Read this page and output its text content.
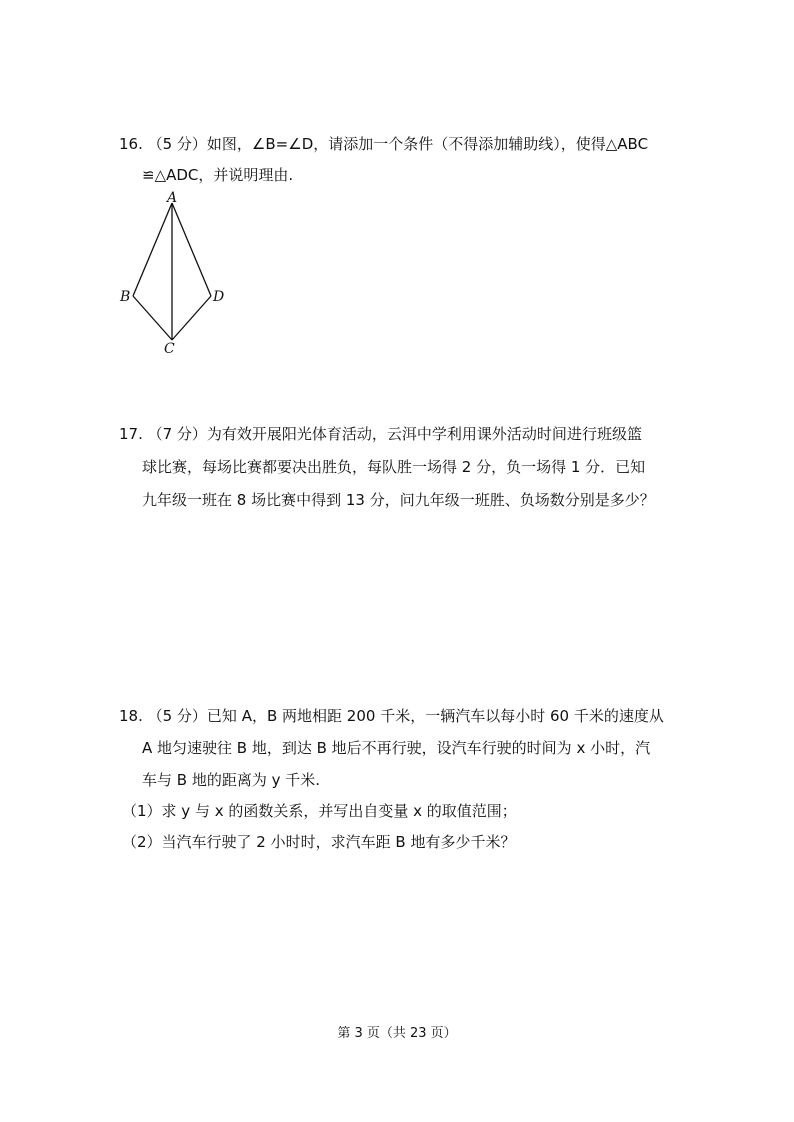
16. （5 分）如图，∠B=∠D，请添加一个条件（不得添加辅助线），使得△ABC
≌△ADC，并说明理由.
A
B
C
D
17. （7 分）为有效开展阳光体育活动，云洱中学利用课外活动时间进行班级篮
球比赛，每场比赛都要决出胜负，每队胜一场得 2 分，负一场得 1 分．已知
九年级一班在 8 场比赛中得到 13 分，问九年级一班胜、负场数分别是多少？
18. （5 分）已知 A，B 两地相距 200 千米，一辆汽车以每小时 60 千米的速度从
A 地匀速驶往 B 地，到达 B 地后不再行驶，设汽车行驶的时间为 x 小时，汽
车与 B 地的距离为 y 千米.
（1）求 y 与 x 的函数关系，并写出自变量 x 的取值范围；
（2）当汽车行驶了 2 小时时，求汽车距 B 地有多少千米？
第 3 页（共 23 页）
